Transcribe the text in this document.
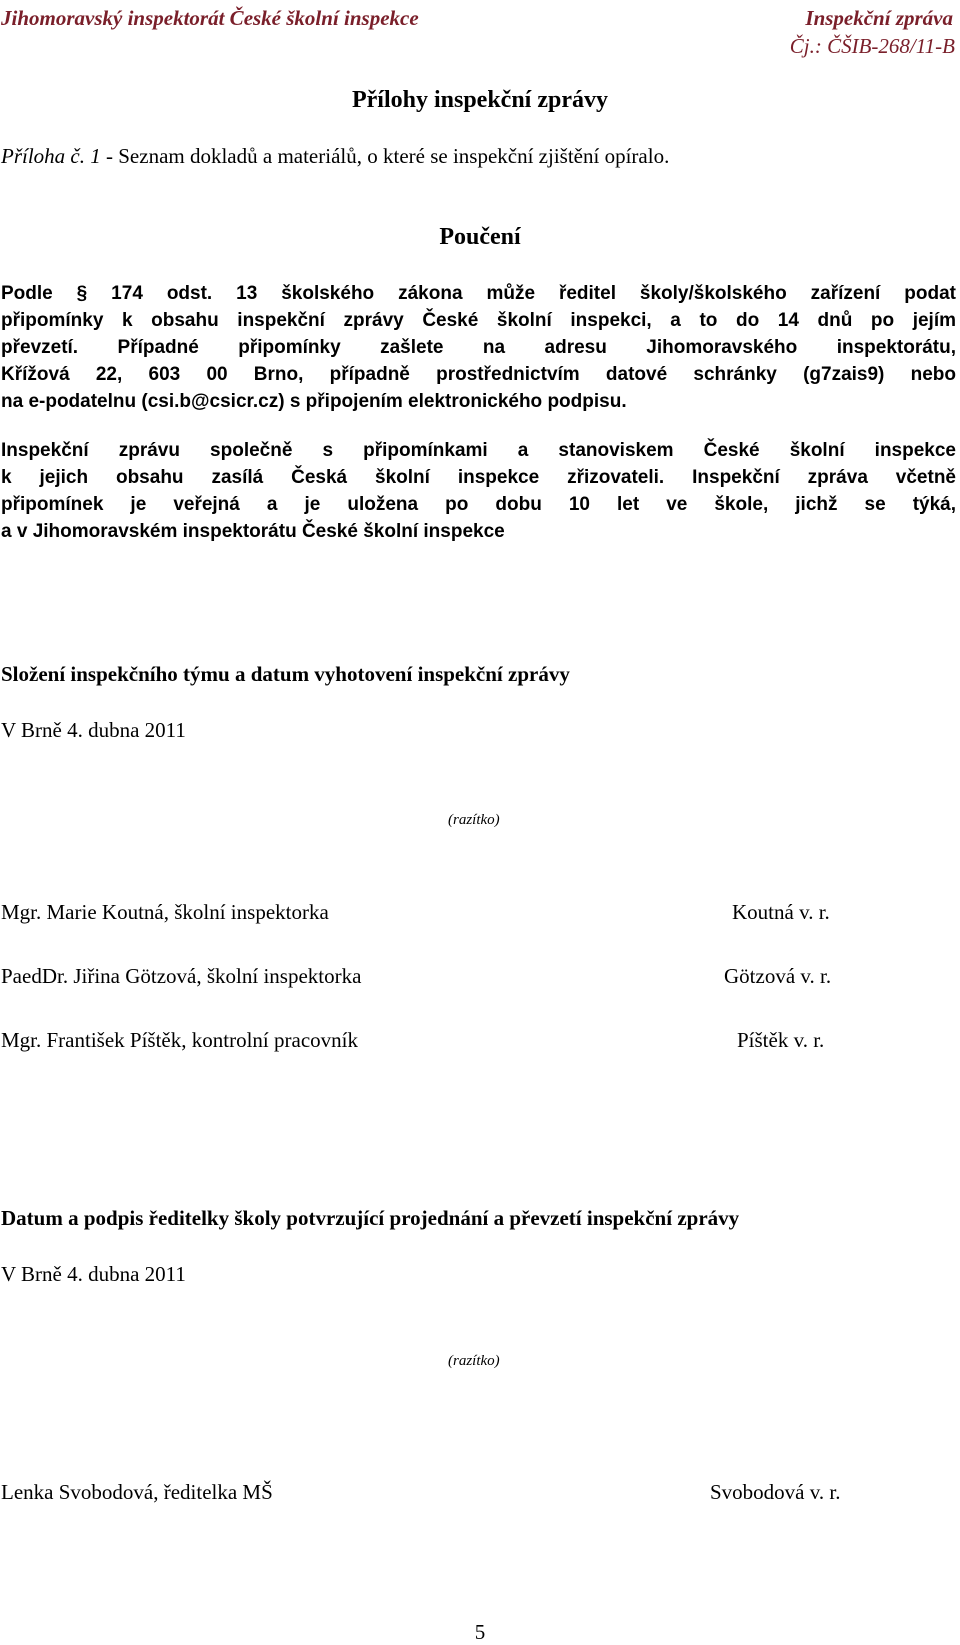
Jihomoravský inspektorát České školní inspekce	Inspekční zpráva
Čj.: ČŠIB-268/11-B
Přílohy inspekční zprávy
Příloha č. 1 - Seznam dokladů a materiálů, o které se inspekční zjištění opíralo.
Poučení
Podle § 174 odst. 13 školského zákona může ředitel školy/školského zařízení podat
připomínky k obsahu inspekční zprávy České školní inspekci, a to do 14 dnů po jejím
převzetí. Případné připomínky zašlete na adresu Jihomoravského inspektorátu,
Křížová 22, 603 00 Brno, případně prostřednictvím datové schránky (g7zais9) nebo
na e-podatelnu (csi.b@csicr.cz) s připojením elektronického podpisu.
Inspekční zprávu společně s připomínkami a stanoviskem České školní inspekce
k jejich obsahu zasílá Česká školní inspekce zřizovateli. Inspekční zpráva včetně
připomínek je veřejná a je uložena po dobu 10 let ve škole, jichž se týká,
a v Jihomoravském inspektorátu České školní inspekce
Složení inspekčního týmu a datum vyhotovení inspekční zprávy
V Brně 4. dubna 2011
(razítko)
Mgr. Marie Koutná, školní inspektorka	Koutná v. r.
PaedDr. Jiřina Götzová, školní inspektorka	Götzová v. r.
Mgr. František Píštěk, kontrolní pracovník	Píštěk v. r.
Datum a podpis ředitelky školy potvrzující projednání a převzetí inspekční zprávy
V Brně 4. dubna 2011
(razítko)
Lenka Svobodová, ředitelka MŠ	Svobodová v. r.
5
